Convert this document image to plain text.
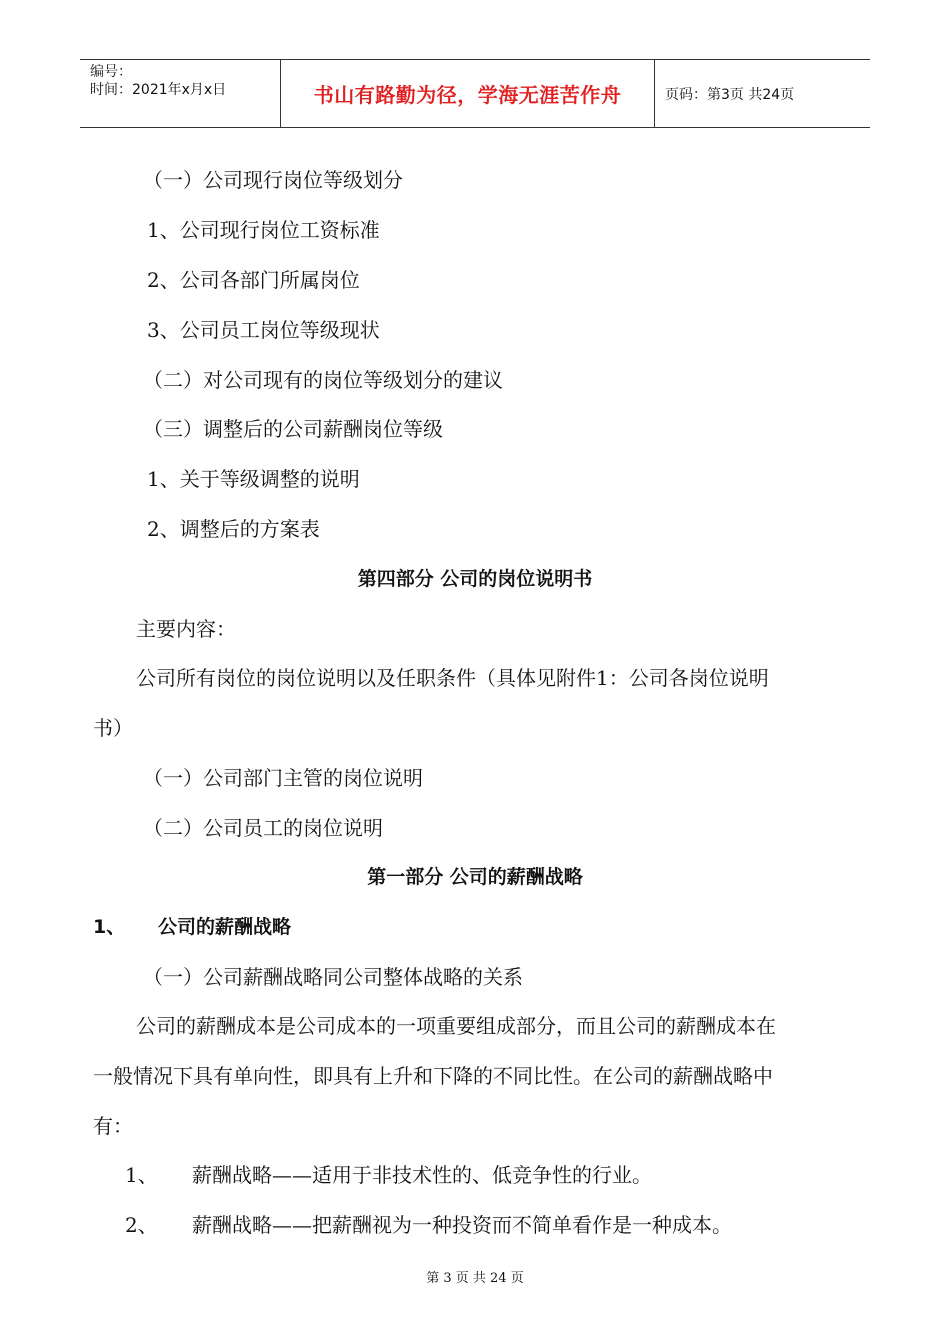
编号：
时间：2021年x月x日	书山有路勤为径，学海无涯苦作舟	页码：第3页 共24页
（一）公司现行岗位等级划分
1、公司现行岗位工资标准
2、公司各部门所属岗位
3、公司员工岗位等级现状
（二）对公司现有的岗位等级划分的建议
（三）调整后的公司薪酬岗位等级
1、关于等级调整的说明
2、调整后的方案表
第四部分 公司的岗位说明书
主要内容：
公司所有岗位的岗位说明以及任职条件（具体见附件1：公司各岗位说明
书）
（一）公司部门主管的岗位说明
（二）公司员工的岗位说明
第一部分 公司的薪酬战略
1、 公司的薪酬战略
（一）公司薪酬战略同公司整体战略的关系
公司的薪酬成本是公司成本的一项重要组成部分，而且公司的薪酬成本在
一般情况下具有单向性，即具有上升和下降的不同比性。在公司的薪酬战略中
有：
1、 薪酬战略——适用于非技术性的、低竞争性的行业。
2、 薪酬战略——把薪酬视为一种投资而不简单看作是一种成本。
第 3 页 共 24 页
